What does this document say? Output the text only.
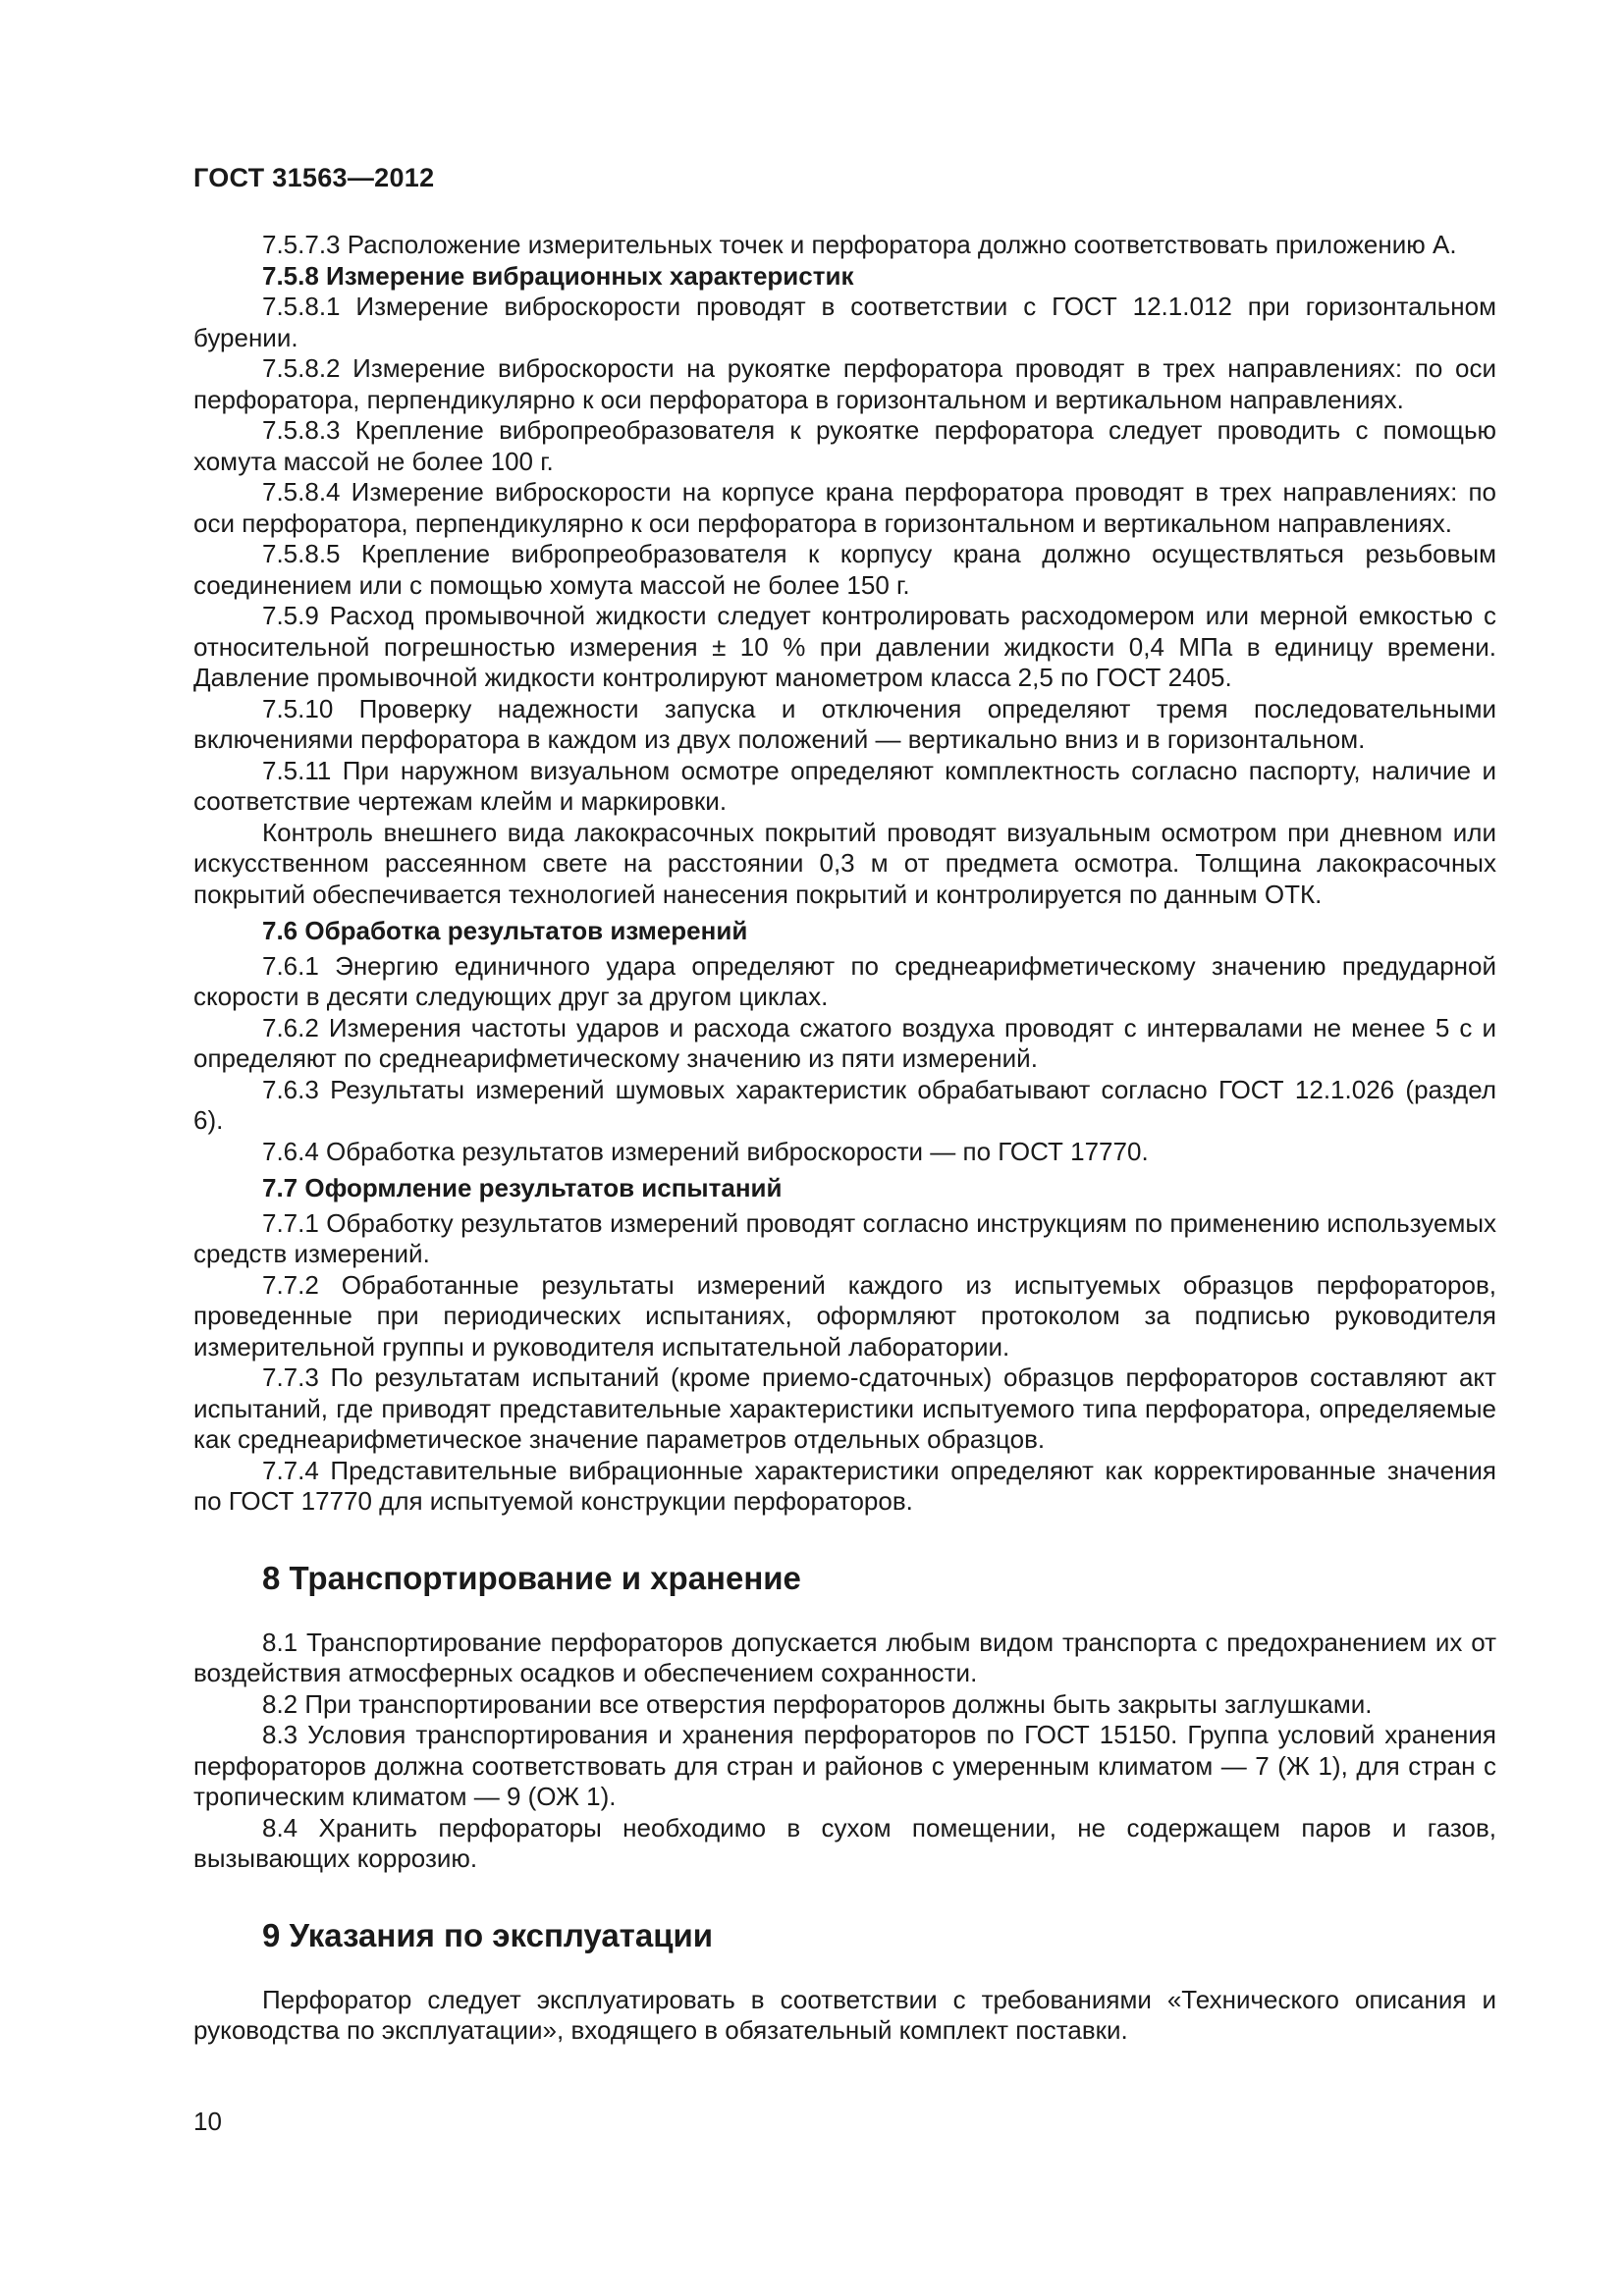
ГОСТ 31563—2012

7.5.7.3 Расположение измерительных точек и перфоратора должно соответствовать приложению А.

7.5.8 Измерение вибрационных характеристик

7.5.8.1 Измерение виброскорости проводят в соответствии с ГОСТ 12.1.012 при горизонтальном бурении.

7.5.8.2 Измерение виброскорости на рукоятке перфоратора проводят в трех направлениях: по оси перфоратора, перпендикулярно к оси перфоратора в горизонтальном и вертикальном направлениях.

7.5.8.3 Крепление вибропреобразователя к рукоятке перфоратора следует проводить с помощью хомута массой не более 100 г.

7.5.8.4 Измерение виброскорости на корпусе крана перфоратора проводят в трех направлениях: по оси перфоратора, перпендикулярно к оси перфоратора в горизонтальном и вертикальном направлениях.

7.5.8.5 Крепление вибропреобразователя к корпусу крана должно осуществляться резьбовым соединением или с помощью хомута массой не более 150 г.

7.5.9 Расход промывочной жидкости следует контролировать расходомером или мерной емкостью с относительной погрешностью измерения ± 10 % при давлении жидкости 0,4 МПа в единицу времени. Давление промывочной жидкости контролируют манометром класса 2,5 по ГОСТ 2405.

7.5.10 Проверку надежности запуска и отключения определяют тремя последовательными включениями перфоратора в каждом из двух положений — вертикально вниз и в горизонтальном.

7.5.11 При наружном визуальном осмотре определяют комплектность согласно паспорту, наличие и соответствие чертежам клейм и маркировки.

Контроль внешнего вида лакокрасочных покрытий проводят визуальным осмотром при дневном или искусственном рассеянном свете на расстоянии 0,3 м от предмета осмотра. Толщина лакокрасочных покрытий обеспечивается технологией нанесения покрытий и контролируется по данным ОТК.

7.6 Обработка результатов измерений

7.6.1 Энергию единичного удара определяют по среднеарифметическому значению предударной скорости в десяти следующих друг за другом циклах.

7.6.2 Измерения частоты ударов и расхода сжатого воздуха проводят с интервалами не менее 5 с и определяют по среднеарифметическому значению из пяти измерений.

7.6.3 Результаты измерений шумовых характеристик обрабатывают согласно ГОСТ 12.1.026 (раздел 6).

7.6.4 Обработка результатов измерений виброскорости — по ГОСТ 17770.

7.7 Оформление результатов испытаний

7.7.1 Обработку результатов измерений проводят согласно инструкциям по применению используемых средств измерений.

7.7.2 Обработанные результаты измерений каждого из испытуемых образцов перфораторов, проведенные при периодических испытаниях, оформляют протоколом за подписью руководителя измерительной группы и руководителя испытательной лаборатории.

7.7.3 По результатам испытаний (кроме приемо-сдаточных) образцов перфораторов составляют акт испытаний, где приводят представительные характеристики испытуемого типа перфоратора, определяемые как среднеарифметическое значение параметров отдельных образцов.

7.7.4 Представительные вибрационные характеристики определяют как корректированные значения по ГОСТ 17770 для испытуемой конструкции перфораторов.

8 Транспортирование и хранение

8.1 Транспортирование перфораторов допускается любым видом транспорта с предохранением их от воздействия атмосферных осадков и обеспечением сохранности.

8.2 При транспортировании все отверстия перфораторов должны быть закрыты заглушками.

8.3 Условия транспортирования и хранения перфораторов по ГОСТ 15150. Группа условий хранения перфораторов должна соответствовать для стран и районов с умеренным климатом — 7 (Ж 1), для стран с тропическим климатом — 9 (ОЖ 1).

8.4 Хранить перфораторы необходимо в сухом помещении, не содержащем паров и газов, вызывающих коррозию.

9 Указания по эксплуатации

Перфоратор следует эксплуатировать в соответствии с требованиями «Технического описания и руководства по эксплуатации», входящего в обязательный комплект поставки.

10
